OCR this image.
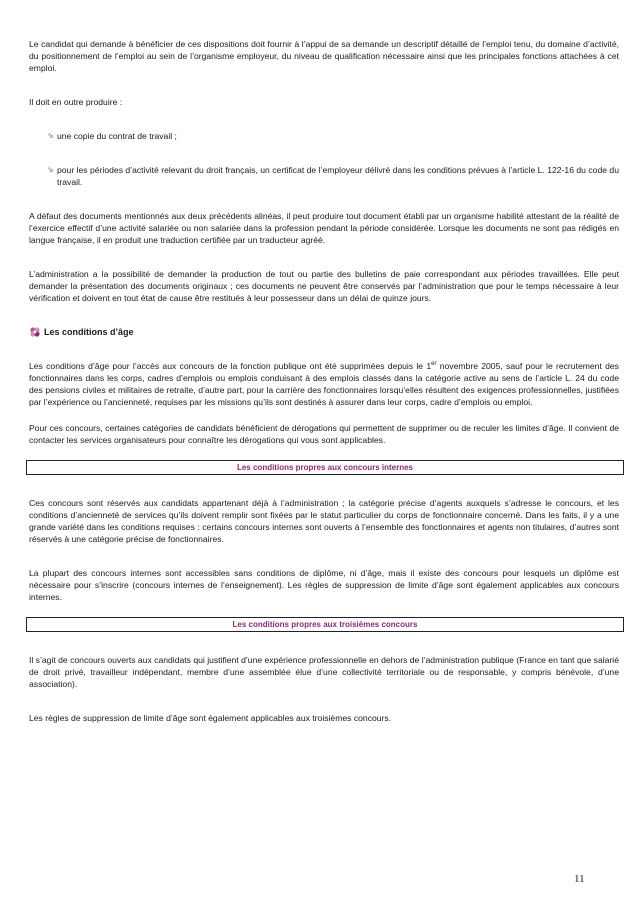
Le candidat qui demande à bénéficier de ces dispositions doit fournir à l’appui de sa demande un descriptif détaillé de l’emploi tenu, du domaine d’activité, du positionnement de l’emploi au sein de l’organisme employeur, du niveau de qualification nécessaire ainsi que les principales fonctions attachées à cet emploi.

Il doit en outre produire :

⇘ une copie du contrat de travail ;
⇘ pour les périodes d’activité relevant du droit français, un certificat de l’employeur délivré dans les conditions prévues à l’article L. 122-16 du code du travail.

A défaut des documents mentionnés aux deux précédents alinéas, il peut produire tout document établi par un organisme habilité attestant de la réalité de l’exercice effectif d’une activité salariée ou non salariée dans la profession pendant la période considérée. Lorsque les documents ne sont pas rédigés en langue française, il en produit une traduction certifiée par un traducteur agréé.

L’administration a la possibilité de demander la production de tout ou partie des bulletins de paie correspondant aux périodes travaillées. Elle peut demander la présentation des documents originaux ; ces documents ne peuvent être conservés par l’administration que pour le temps nécessaire à leur vérification et doivent en tout état de cause être restitués à leur possesseur dans un délai de quinze jours.

Les conditions d’âge

Les conditions d’âge pour l’accès aux concours de la fonction publique ont été supprimées depuis le 1er novembre 2005, sauf pour le recrutement des fonctionnaires dans les corps, cadres d’emplois ou emplois conduisant à des emplois classés dans la catégorie active au sens de l’article L. 24 du code des pensions civiles et militaires de retraite, d’autre part, pour la carrière des fonctionnaires lorsqu’elles résultent des exigences professionnelles, justifiées par l’expérience ou l’ancienneté, requises par les missions qu’ils sont destinés à assurer dans leur corps, cadre d’emplois ou emploi.

Pour ces concours, certaines catégories de candidats bénéficient de dérogations qui permettent de supprimer ou de reculer les limites d’âge. Il convient de contacter les services organisateurs pour connaître les dérogations qui vous sont applicables.

Les conditions propres aux concours internes

Ces concours sont réservés aux candidats appartenant déjà à l’administration ; la catégorie précise d’agents auxquels s’adresse le concours, et les conditions d’ancienneté de services qu’ils doivent remplir sont fixées par le statut particulier du corps de fonctionnaire concerné. Dans les faits, il y a une grande variété dans les conditions requises : certains concours internes sont ouverts à l’ensemble des fonctionnaires et agents non titulaires, d’autres sont réservés à une catégorie précise de fonctionnaires.

La plupart des concours internes sont accessibles sans conditions de diplôme, ni d’âge, mais il existe des concours pour lesquels un diplôme est nécessaire pour s’inscrire (concours internes de l’enseignement). Les règles de suppression de limite d’âge sont également applicables aux concours internes.

Les conditions propres aux troisièmes concours

Il s’agit de concours ouverts aux candidats qui justifient d’une expérience professionnelle en dehors de l’administration publique (France en tant que salarié de droit privé, travailleur indépendant, membre d’une assemblée élue d’une collectivité territoriale ou de responsable, y compris bénévole, d’une association).

Les règles de suppression de limite d’âge sont également applicables aux troisièmes concours.

11
